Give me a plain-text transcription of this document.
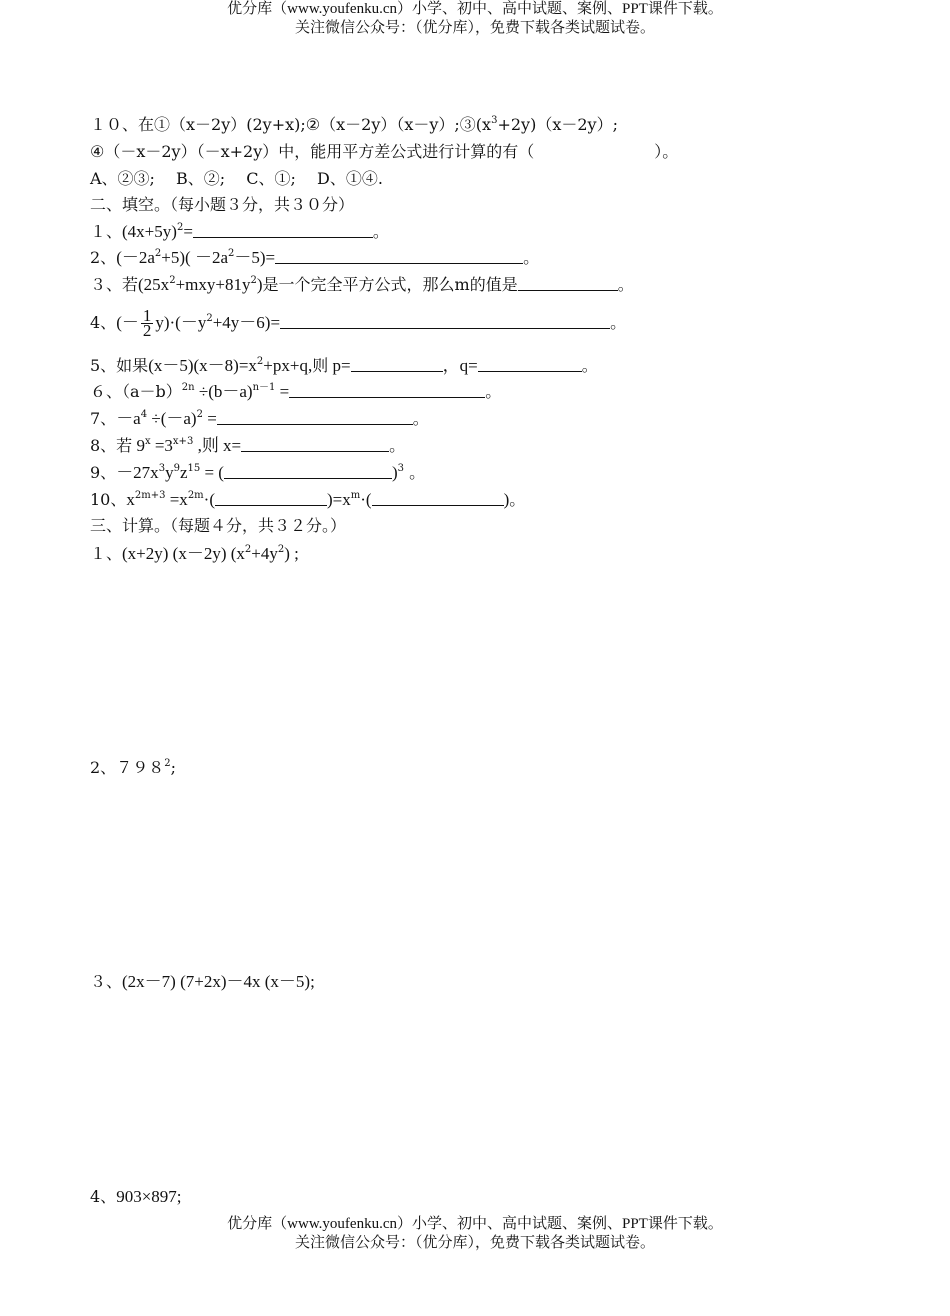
优分库（www.youfenku.cn）小学、初中、高中试题、案例、PPT课件下载。
关注微信公众号：（优分库），免费下载各类试题试卷。
１０、在$①(x-2y)(2y+x);②(x-2y)(x-y);③(x^3+2y)(x-2y)$;
④（－x－2y）（－x+2y）中，能用平方差公式进行计算的有（	）。
A、②③;　 B、②;　 C、①;　 D、①④.
二、填空。（每小题３分，共３０分）
１、$(4x+5y)^2=$	。
2、$(-2a^2+5)( -2a^2-5)=$	。
３、若$(25x^2+mxy+81y^2)$是一个完全平方公式，那么m的值是	。
4、(－ $\frac{1}{2} y)\cdot(-y^2+4y-6)=$	。
5、如果$(x-5)(x-8)=x^2+px+q$,则 p=	，q=	。
６、$(a-b)^{2n} \div(b-a)^{n-1}$ =	。
7、$-a^4 \div(-a)^2$ =	。
8、若 $9^x =3^{x+3}$ ,则 x=	。
9、$-27x^3y^9z^{15}$ = (	)$^3$ 。
10、$x^{2m+3} =x^{2m}\cdot$(	)$=x^m\cdot$(	)。
三、计算。（每题４分，共３２分。）
１、(x+2y) (x－2y) $(x^2+4y^2)$ ;
2、$798^2$;
３、(2x－7) (7+2x)－4x (x－5);
4、903×897;
优分库（www.youfenku.cn）小学、初中、高中试题、案例、PPT课件下载。
关注微信公众号：（优分库），免费下载各类试题试卷。
